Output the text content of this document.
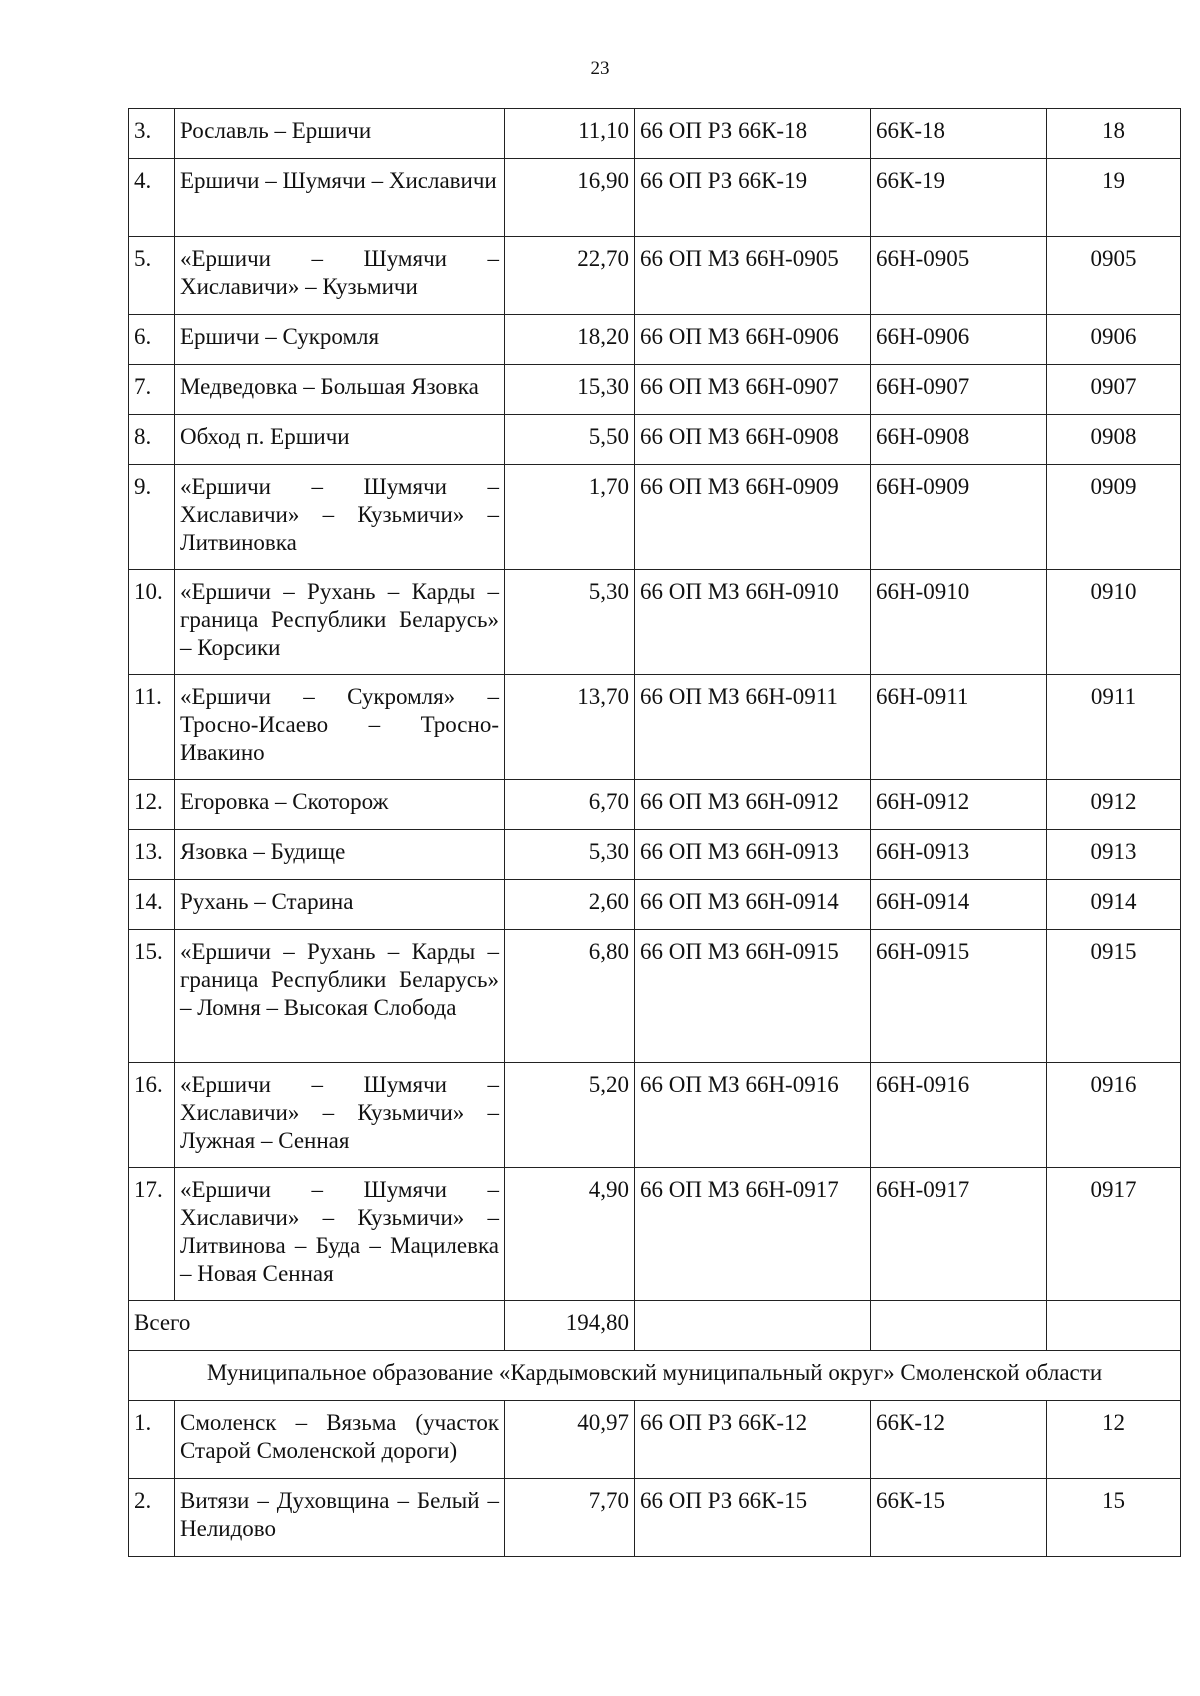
23
3.	Рославль – Ершичи	11,10	66 ОП РЗ 66К-18	66К-18	18
4.	Ершичи – Шумячи – Хиславичи	16,90	66 ОП РЗ 66К-19	66К-19	19
5.	«Ершичи – Шумячи – Хиславичи» – Кузьмичи	22,70	66 ОП МЗ 66Н-0905	66Н-0905	0905
6.	Ершичи – Сукромля	18,20	66 ОП МЗ 66Н-0906	66Н-0906	0906
7.	Медведовка – Большая Язовка	15,30	66 ОП МЗ 66Н-0907	66Н-0907	0907
8.	Обход п. Ершичи	5,50	66 ОП МЗ 66Н-0908	66Н-0908	0908
9.	«Ершичи – Шумячи – Хиславичи» – Кузьмичи» – Литвиновка	1,70	66 ОП МЗ 66Н-0909	66Н-0909	0909
10.	«Ершичи – Рухань – Карды – граница Республики Беларусь» – Корсики	5,30	66 ОП МЗ 66Н-0910	66Н-0910	0910
11.	«Ершичи – Сукромля» – Тросно-Исаево – Тросно-Ивакино	13,70	66 ОП МЗ 66Н-0911	66Н-0911	0911
12.	Егоровка – Скоторож	6,70	66 ОП МЗ 66Н-0912	66Н-0912	0912
13.	Язовка – Будище	5,30	66 ОП МЗ 66Н-0913	66Н-0913	0913
14.	Рухань – Старина	2,60	66 ОП МЗ 66Н-0914	66Н-0914	0914
15.	«Ершичи – Рухань – Карды – граница Республики Беларусь» – Ломня – Высокая Слобода	6,80	66 ОП МЗ 66Н-0915	66Н-0915	0915
16.	«Ершичи – Шумячи – Хиславичи» – Кузьмичи» – Лужная – Сенная	5,20	66 ОП МЗ 66Н-0916	66Н-0916	0916
17.	«Ершичи – Шумячи – Хиславичи» – Кузьмичи» – Литвинова – Буда – Мацилевка – Новая Сенная	4,90	66 ОП МЗ 66Н-0917	66Н-0917	0917
Всего		194,80			
Муниципальное образование «Кардымовский муниципальный округ» Смоленской области					
1.	Смоленск – Вязьма (участок Старой Смоленской дороги)	40,97	66 ОП РЗ 66К-12	66К-12	12
2.	Витязи – Духовщина – Белый – Нелидово	7,70	66 ОП РЗ 66К-15	66К-15	15
